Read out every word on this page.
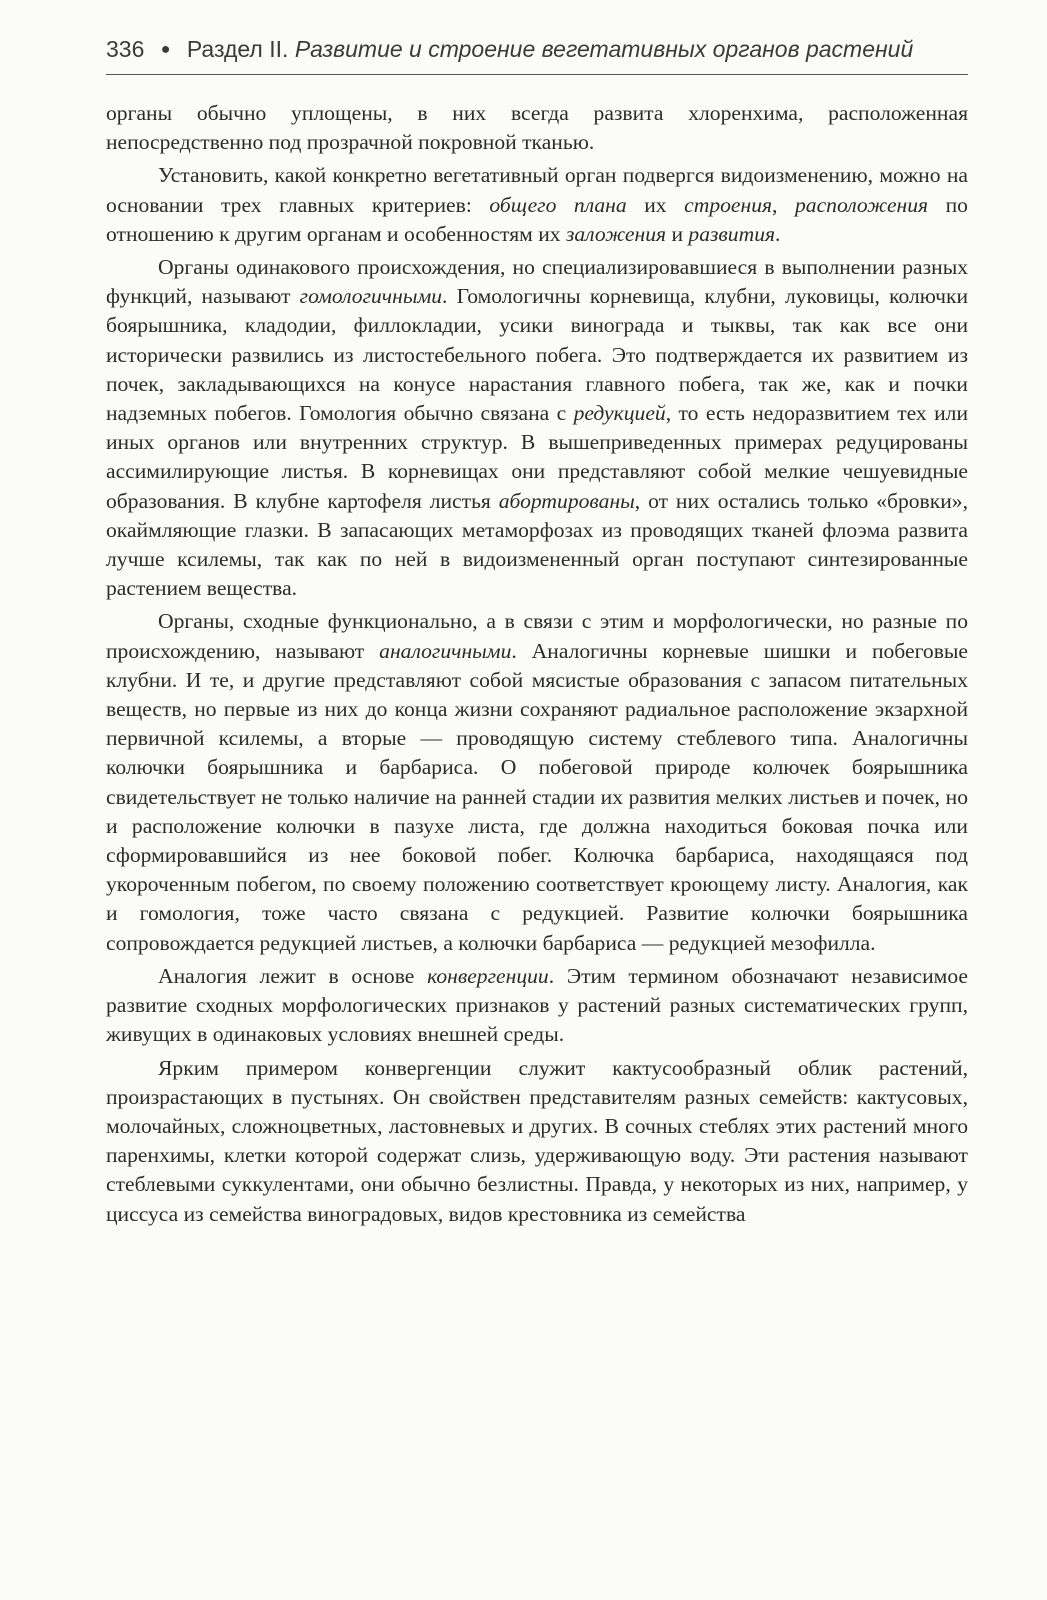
336 ● Раздел II. Развитие и строение вегетативных органов растений

органы обычно уплощены, в них всегда развита хлоренхима, расположенная непосредственно под прозрачной покровной тканью.

Установить, какой конкретно вегетативный орган подвергся видоизменению, можно на основании трех главных критериев: общего плана их строения, расположения по отношению к другим органам и особенностям их заложения и развития.

Органы одинакового происхождения, но специализировавшиеся в выполнении разных функций, называют гомологичными. Гомологичны корневища, клубни, луковицы, колючки боярышника, кладодии, филлокладии, усики винограда и тыквы, так как все они исторически развились из листостебельного побега. Это подтверждается их развитием из почек, закладывающихся на конусе нарастания главного побега, так же, как и почки надземных побегов. Гомология обычно связана с редукцией, то есть недоразвитием тех или иных органов или внутренних структур. В вышеприведенных примерах редуцированы ассимилирующие листья. В корневищах они представляют собой мелкие чешуевидные образования. В клубне картофеля листья абортированы, от них остались только «бровки», окаймляющие глазки. В запасающих метаморфозах из проводящих тканей флоэма развита лучше ксилемы, так как по ней в видоизмененный орган поступают синтезированные растением вещества.

Органы, сходные функционально, а в связи с этим и морфологически, но разные по происхождению, называют аналогичными. Аналогичны корневые шишки и побеговые клубни. И те, и другие представляют собой мясистые образования с запасом питательных веществ, но первые из них до конца жизни сохраняют радиальное расположение экзархной первичной ксилемы, а вторые — проводящую систему стеблевого типа. Аналогичны колючки боярышника и барбариса. О побеговой природе колючек боярышника свидетельствует не только наличие на ранней стадии их развития мелких листьев и почек, но и расположение колючки в пазухе листа, где должна находиться боковая почка или сформировавшийся из нее боковой побег. Колючка барбариса, находящаяся под укороченным побегом, по своему положению соответствует кроющему листу. Аналогия, как и гомология, тоже часто связана с редукцией. Развитие колючки боярышника сопровождается редукцией листьев, а колючки барбариса — редукцией мезофилла.

Аналогия лежит в основе конвергенции. Этим термином обозначают независимое развитие сходных морфологических признаков у растений разных систематических групп, живущих в одинаковых условиях внешней среды.

Ярким примером конвергенции служит кактусообразный облик растений, произрастающих в пустынях. Он свойствен представителям разных семейств: кактусовых, молочайных, сложноцветных, ластовневых и других. В сочных стеблях этих растений много паренхимы, клетки которой содержат слизь, удерживающую воду. Эти растения называют стеблевыми суккулентами, они обычно безлистны. Правда, у некоторых из них, например, у циссуса из семейства виноградовых, видов крестовника из семейства
